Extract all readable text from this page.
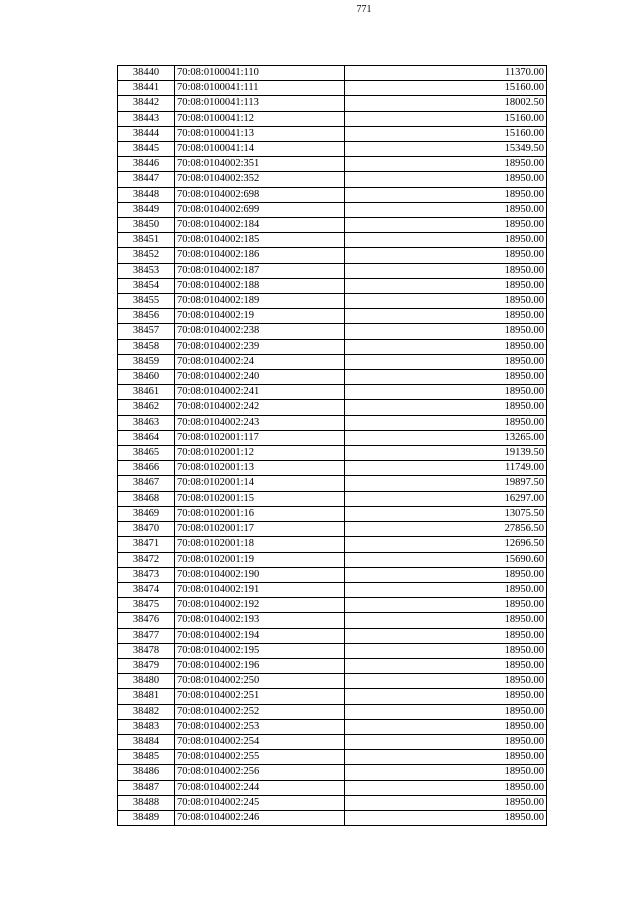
771
38440	70:08:0100041:110	11370.00
38441	70:08:0100041:111	15160.00
38442	70:08:0100041:113	18002.50
38443	70:08:0100041:12	15160.00
38444	70:08:0100041:13	15160.00
38445	70:08:0100041:14	15349.50
38446	70:08:0104002:351	18950.00
38447	70:08:0104002:352	18950.00
38448	70:08:0104002:698	18950.00
38449	70:08:0104002:699	18950.00
38450	70:08:0104002:184	18950.00
38451	70:08:0104002:185	18950.00
38452	70:08:0104002:186	18950.00
38453	70:08:0104002:187	18950.00
38454	70:08:0104002:188	18950.00
38455	70:08:0104002:189	18950.00
38456	70:08:0104002:19	18950.00
38457	70:08:0104002:238	18950.00
38458	70:08:0104002:239	18950.00
38459	70:08:0104002:24	18950.00
38460	70:08:0104002:240	18950.00
38461	70:08:0104002:241	18950.00
38462	70:08:0104002:242	18950.00
38463	70:08:0104002:243	18950.00
38464	70:08:0102001:117	13265.00
38465	70:08:0102001:12	19139.50
38466	70:08:0102001:13	11749.00
38467	70:08:0102001:14	19897.50
38468	70:08:0102001:15	16297.00
38469	70:08:0102001:16	13075.50
38470	70:08:0102001:17	27856.50
38471	70:08:0102001:18	12696.50
38472	70:08:0102001:19	15690.60
38473	70:08:0104002:190	18950.00
38474	70:08:0104002:191	18950.00
38475	70:08:0104002:192	18950.00
38476	70:08:0104002:193	18950.00
38477	70:08:0104002:194	18950.00
38478	70:08:0104002:195	18950.00
38479	70:08:0104002:196	18950.00
38480	70:08:0104002:250	18950.00
38481	70:08:0104002:251	18950.00
38482	70:08:0104002:252	18950.00
38483	70:08:0104002:253	18950.00
38484	70:08:0104002:254	18950.00
38485	70:08:0104002:255	18950.00
38486	70:08:0104002:256	18950.00
38487	70:08:0104002:244	18950.00
38488	70:08:0104002:245	18950.00
38489	70:08:0104002:246	18950.00
